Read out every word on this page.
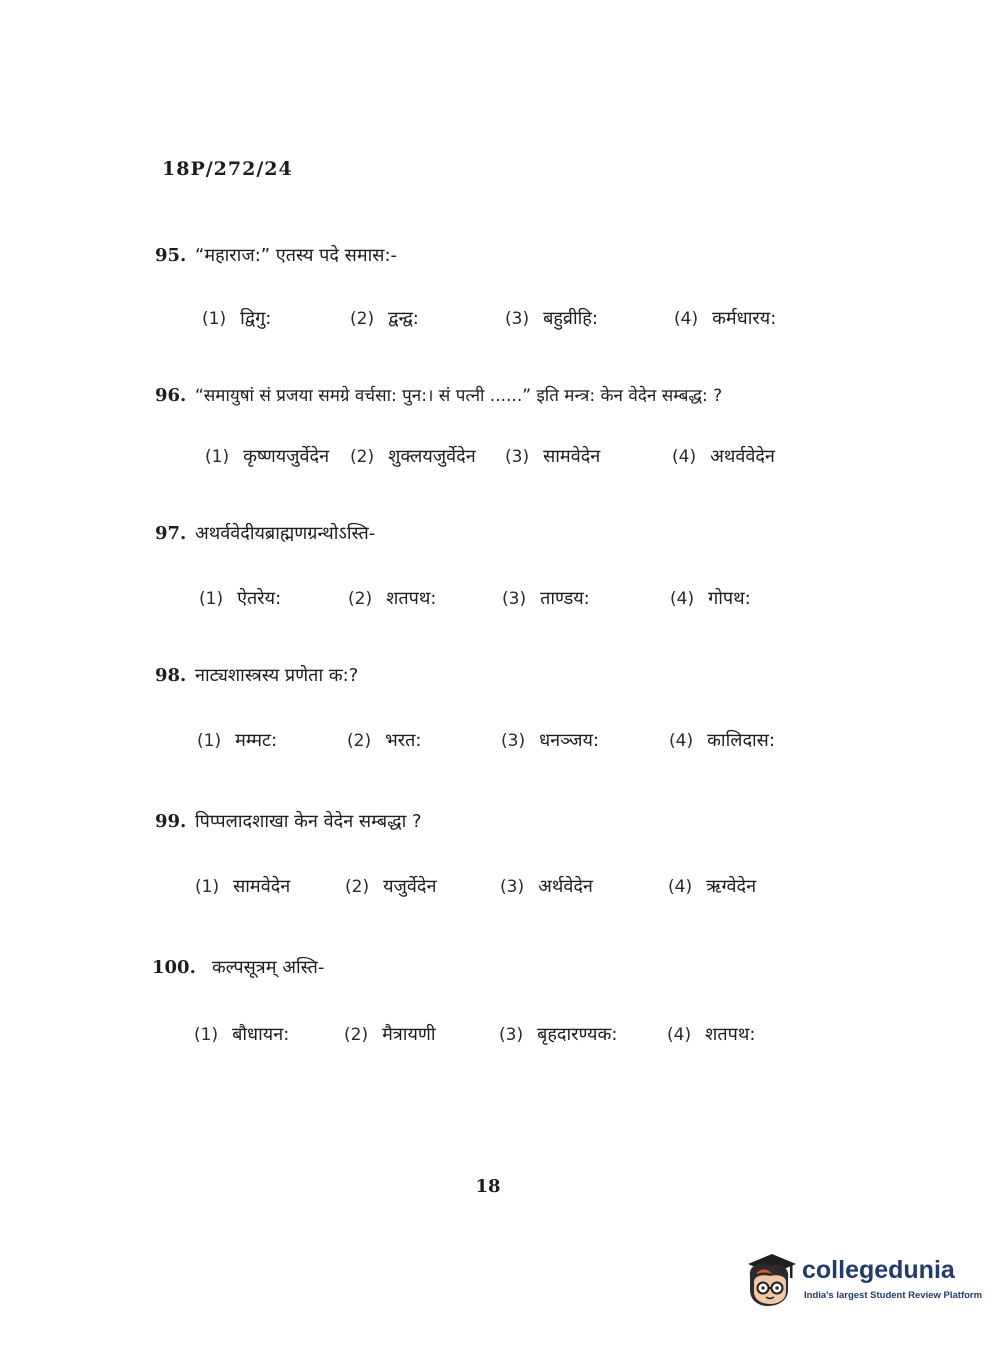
18P/272/24
95. “महाराज:” एतस्य पदे समास:-
(1) द्विगु:	(2) द्वन्द्व:	(3) बहुव्रीहि:	(4) कर्मधारय:
96. “समायुषां सं प्रजया समग्रे वर्चसा: पुन:। सं पत्नी ......” इति मन्त्र: केन वेदेन सम्बद्ध: ?
(1) कृष्णयजुर्वेदेन (2) शुक्लयजुर्वेदेन (3) सामवेदेन	(4) अथर्ववेदेन
97. अथर्ववेदीयब्राह्मणग्रन्थोऽस्ति-
(1) ऐतरेय:	(2) शतपथ:	(3) ताण्डय:	(4) गोपथ:
98. नाट्यशास्त्रस्य प्रणेता क:?
(1) मम्मट:	(2) भरत:	(3) धनञ्जय:	(4) कालिदास:
99. पिप्पलादशाखा केन वेदेन सम्बद्धा ?
(1) सामवेदेन	(2) यजुर्वेदेन	(3) अर्थवेदेन	(4) ऋग्वेदेन
100. कल्पसूत्रम् अस्ति-
(1) बौधायन:	(2) मैत्रायणी	(3) बृहदारण्यक:	(4) शतपथ:
18
collegedunia
India's largest Student Review Platform
